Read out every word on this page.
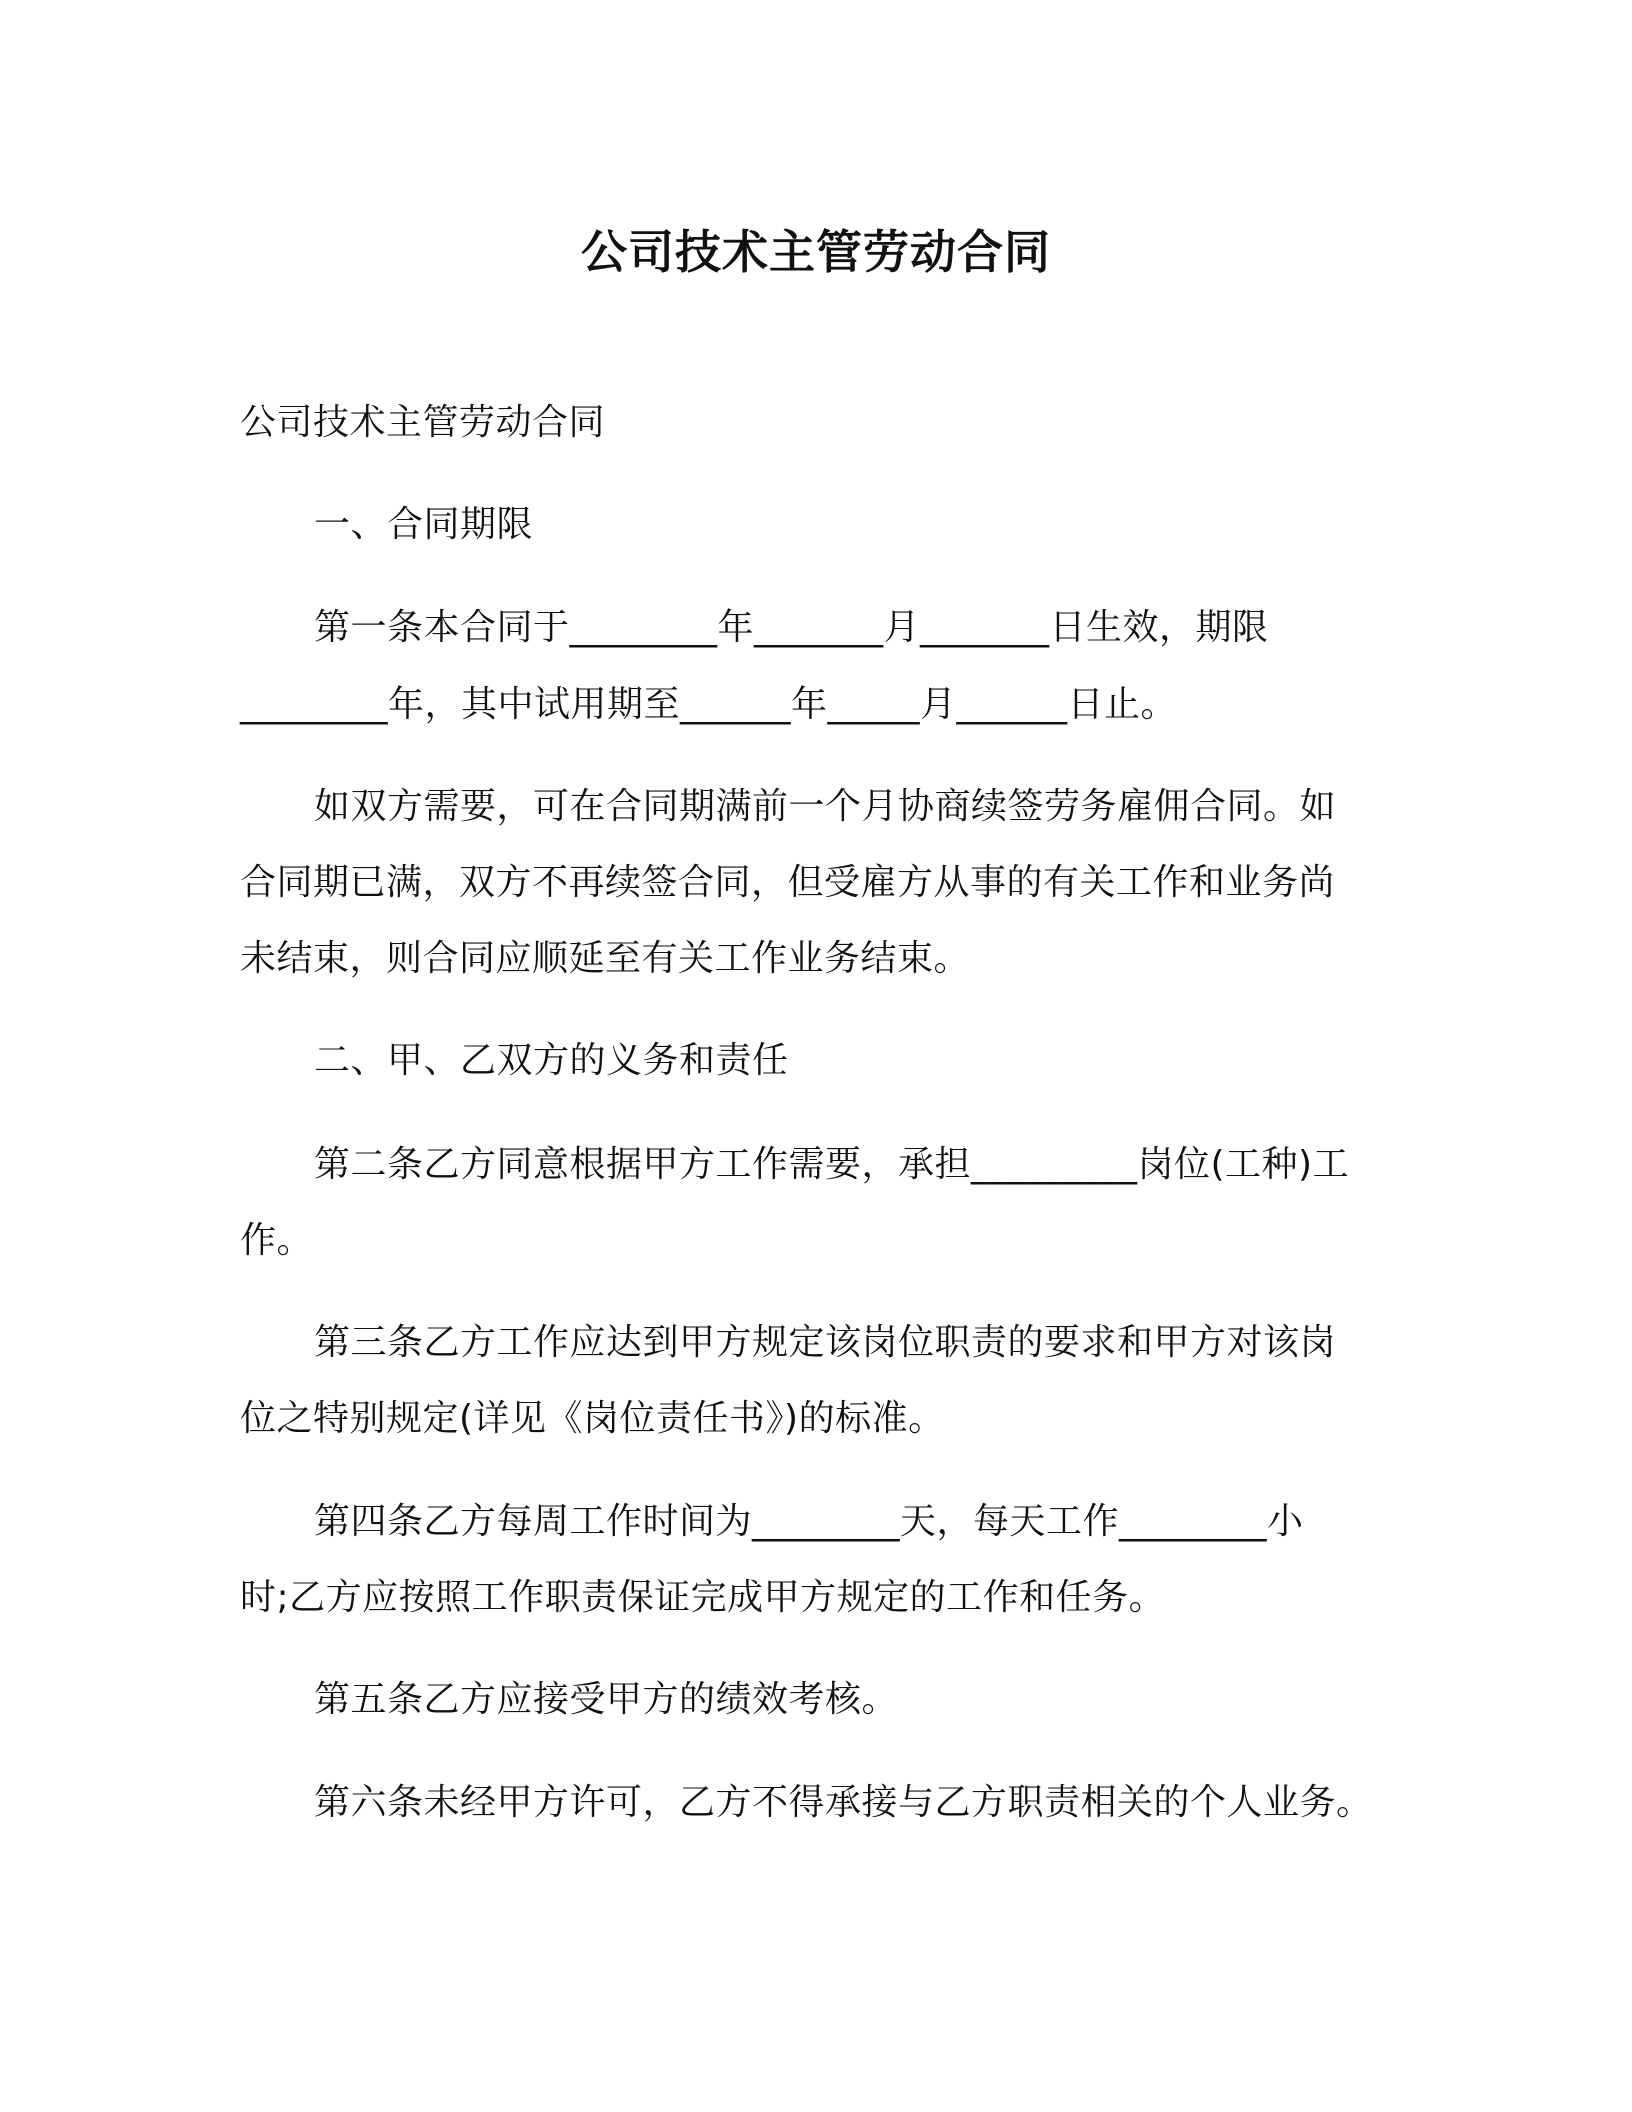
公司技术主管劳动合同
公司技术主管劳动合同
一、合同期限
第一条本合同于________年_______月_______日生效，期限
________年，其中试用期至______年_____月______日止。
如双方需要，可在合同期满前一个月协商续签劳务雇佣合同。如
合同期已满，双方不再续签合同，但受雇方从事的有关工作和业务尚
未结束，则合同应顺延至有关工作业务结束。
二、甲、乙双方的义务和责任
第二条乙方同意根据甲方工作需要，承担_________岗位(工种)工
作。
第三条乙方工作应达到甲方规定该岗位职责的要求和甲方对该岗
位之特别规定(详见《岗位责任书》)的标准。
第四条乙方每周工作时间为________天，每天工作________小
时;乙方应按照工作职责保证完成甲方规定的工作和任务。
第五条乙方应接受甲方的绩效考核。
第六条未经甲方许可，乙方不得承接与乙方职责相关的个人业务。
